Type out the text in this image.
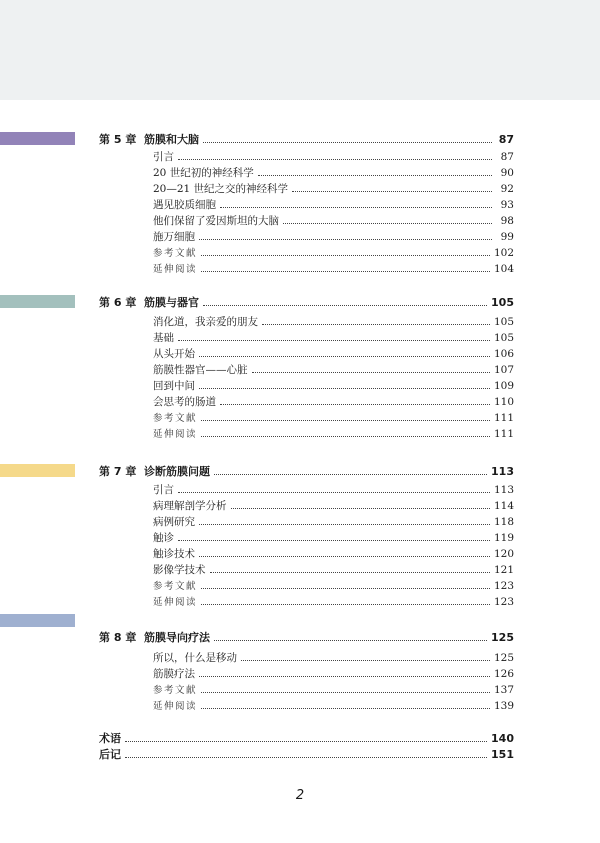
第 5 章 筋膜和大脑	87
引言	87
20 世纪初的神经科学	90
20—21 世纪之交的神经科学	92
遇见胶质细胞	93
他们保留了爱因斯坦的大脑	98
施万细胞	99
参考文献	102
延伸阅读	104
第 6 章 筋膜与器官	105
消化道，我亲爱的朋友	105
基础	105
从头开始	106
筋膜性器官——心脏	107
回到中间	109
会思考的肠道	110
参考文献	111
延伸阅读	111
第 7 章 诊断筋膜问题	113
引言	113
病理解剖学分析	114
病例研究	118
触诊	119
触诊技术	120
影像学技术	121
参考文献	123
延伸阅读	123
第 8 章 筋膜导向疗法	125
所以，什么是移动	125
筋膜疗法	126
参考文献	137
延伸阅读	139
术语	140
后记	151
2
